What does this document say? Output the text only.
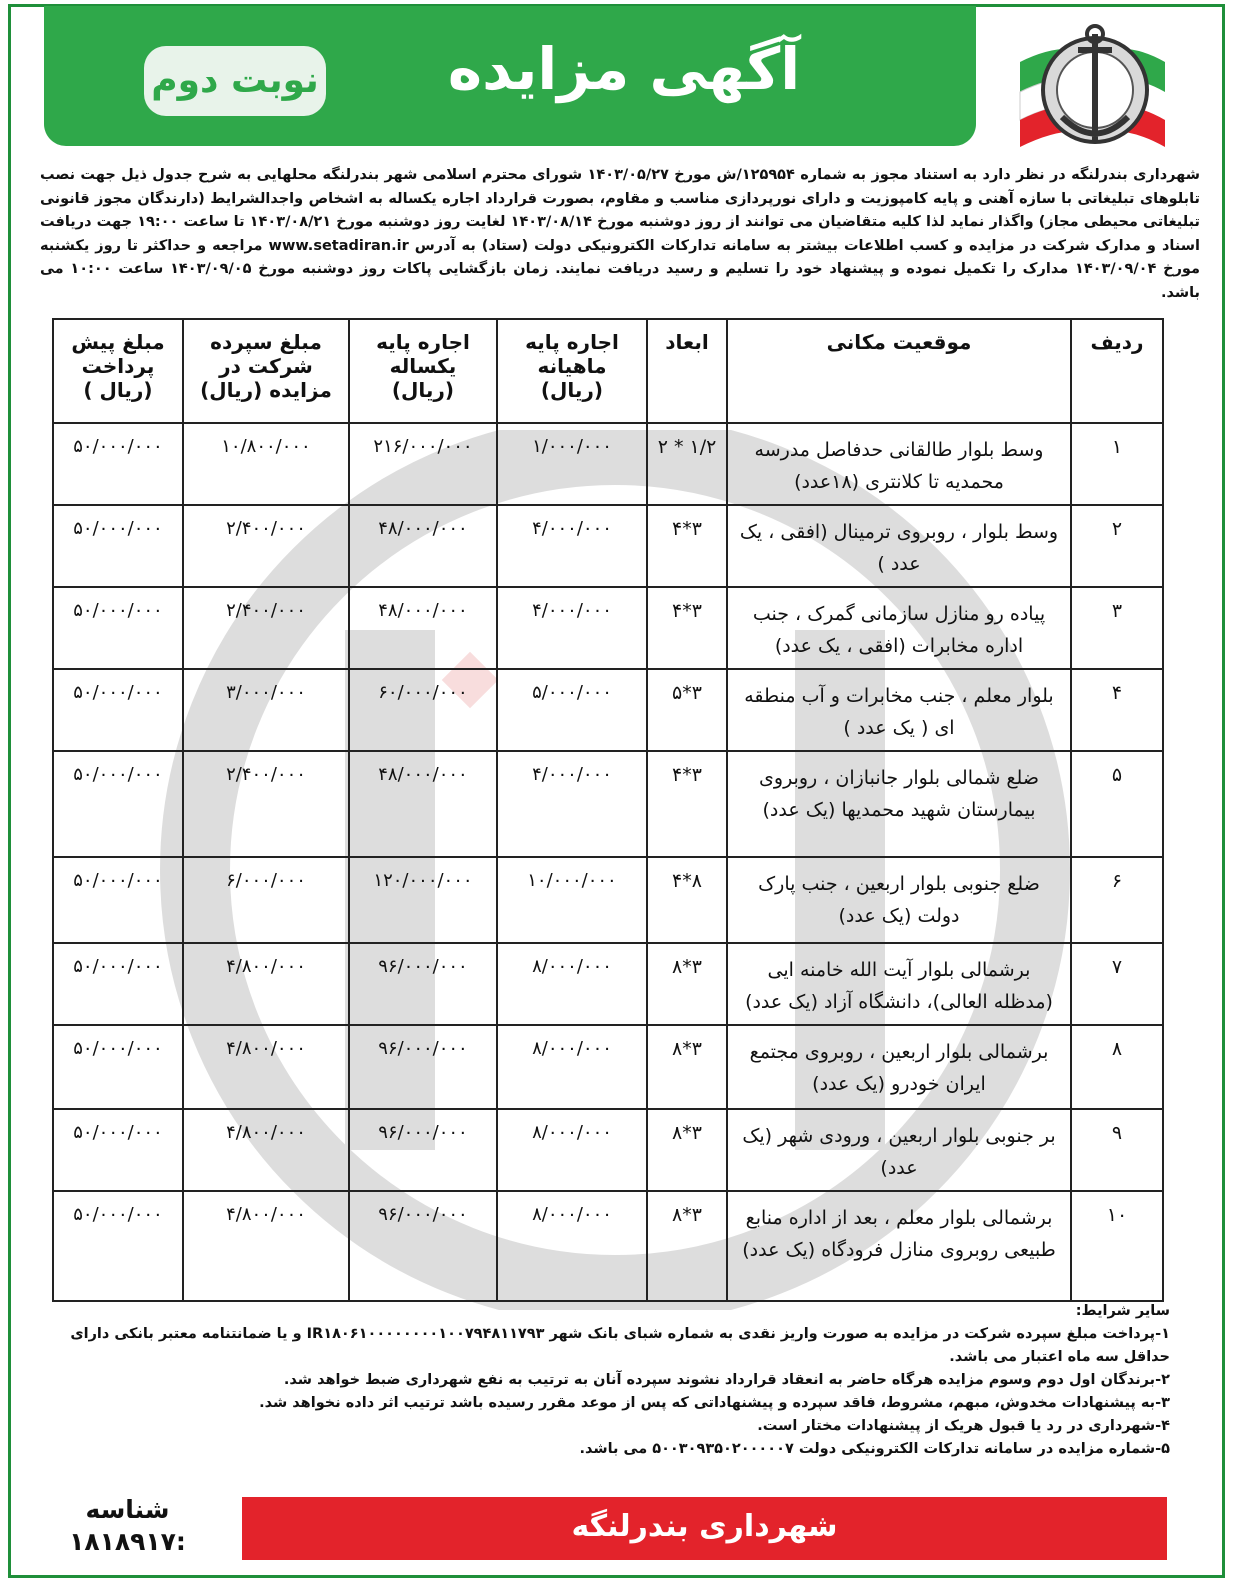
آگهی مزایده
نوبت دوم
شهرداری بندرلنگه در نظر دارد به استناد مجوز به شماره ۱۲۵۹۵۴/ش مورخ ۱۴۰۳/۰۵/۲۷ شورای محترم اسلامی شهر بندرلنگه محلهایی به شرح جدول ذیل جهت نصب تابلوهای تبلیغاتی با سازه آهنی و پایه کامپوزیت و دارای نورپردازی مناسب و مقاوم، بصورت قرارداد اجاره یکساله به اشخاص واجدالشرایط (دارندگان مجوز قانونی تبلیغاتی محیطی مجاز) واگذار نماید لذا کلیه متقاضیان می توانند از روز دوشنبه مورخ ۱۴۰۳/۰۸/۱۴ لغایت روز دوشنبه مورخ ۱۴۰۳/۰۸/۲۱ تا ساعت ۱۹:۰۰ جهت دریافت اسناد و مدارک شرکت در مزایده و کسب اطلاعات بیشتر به سامانه تدارکات الکترونیکی دولت (ستاد) به آدرس www.setadiran.ir مراجعه و حداکثر تا روز یکشنبه مورخ ۱۴۰۳/۰۹/۰۴ مدارک را تکمیل نموده و پیشنهاد خود را تسلیم و رسید دریافت نمایند. زمان بازگشایی پاکات روز دوشنبه مورخ ۱۴۰۳/۰۹/۰۵ ساعت ۱۰:۰۰ می باشد.
ردیف	موقعیت مکانی	ابعاد	اجاره پایه ماهیانه (ریال)	اجاره پایه یکساله (ریال)	مبلغ سپرده شرکت در مزایده (ریال)	مبلغ پیش پرداخت (ریال )
۱	وسط بلوار طالقانی حدفاصل مدرسه محمدیه تا کلانتری (۱۸عدد)	۱/۲ * ۲	۱/۰۰۰/۰۰۰	۲۱۶/۰۰۰/۰۰۰	۱۰/۸۰۰/۰۰۰	۵۰/۰۰۰/۰۰۰
۲	وسط بلوار ، روبروی ترمینال (افقی ، یک عدد )	۳*۴	۴/۰۰۰/۰۰۰	۴۸/۰۰۰/۰۰۰	۲/۴۰۰/۰۰۰	۵۰/۰۰۰/۰۰۰
۳	پیاده رو منازل سازمانی گمرک ، جنب اداره مخابرات (افقی ، یک عدد)	۳*۴	۴/۰۰۰/۰۰۰	۴۸/۰۰۰/۰۰۰	۲/۴۰۰/۰۰۰	۵۰/۰۰۰/۰۰۰
۴	بلوار معلم ، جنب مخابرات و آب منطقه ای ( یک عدد )	۳*۵	۵/۰۰۰/۰۰۰	۶۰/۰۰۰/۰۰۰	۳/۰۰۰/۰۰۰	۵۰/۰۰۰/۰۰۰
۵	ضلع شمالی بلوار جانبازان ، روبروی بیمارستان شهید محمدیها (یک عدد)	۳*۴	۴/۰۰۰/۰۰۰	۴۸/۰۰۰/۰۰۰	۲/۴۰۰/۰۰۰	۵۰/۰۰۰/۰۰۰
۶	ضلع جنوبی بلوار اربعین ، جنب پارک دولت (یک عدد)	۸*۴	۱۰/۰۰۰/۰۰۰	۱۲۰/۰۰۰/۰۰۰	۶/۰۰۰/۰۰۰	۵۰/۰۰۰/۰۰۰
۷	برشمالی بلوار آیت الله خامنه ایی (مدظله العالی)، دانشگاه آزاد (یک عدد)	۳*۸	۸/۰۰۰/۰۰۰	۹۶/۰۰۰/۰۰۰	۴/۸۰۰/۰۰۰	۵۰/۰۰۰/۰۰۰
۸	برشمالی بلوار اربعین ، روبروی مجتمع ایران خودرو (یک عدد)	۳*۸	۸/۰۰۰/۰۰۰	۹۶/۰۰۰/۰۰۰	۴/۸۰۰/۰۰۰	۵۰/۰۰۰/۰۰۰
۹	بر جنوبی بلوار اربعین ، ورودی شهر (یک عدد)	۳*۸	۸/۰۰۰/۰۰۰	۹۶/۰۰۰/۰۰۰	۴/۸۰۰/۰۰۰	۵۰/۰۰۰/۰۰۰
۱۰	برشمالی بلوار معلم ، بعد از اداره منابع طبیعی روبروی منازل فرودگاه (یک عدد)	۳*۸	۸/۰۰۰/۰۰۰	۹۶/۰۰۰/۰۰۰	۴/۸۰۰/۰۰۰	۵۰/۰۰۰/۰۰۰
سایر شرایط:
۱-پرداخت مبلغ سپرده شرکت در مزایده به صورت واریز نقدی به شماره شبای بانک شهر IR۱۸۰۶۱۰۰۰۰۰۰۰۰۱۰۰۷۹۴۸۱۱۷۹۳ و یا ضمانتنامه معتبر بانکی دارای حداقل سه ماه اعتبار می باشد.
۲-برندگان اول دوم وسوم مزایده هرگاه حاضر به انعقاد قرارداد نشوند سپرده آنان به ترتیب به نفع شهرداری ضبط خواهد شد.
۳-به پیشنهادات مخدوش، مبهم، مشروط، فاقد سپرده و پیشنهاداتی که پس از موعد مقرر رسیده باشد ترتیب اثر داده نخواهد شد.
۴-شهرداری در رد یا قبول هریک از پیشنهادات مختار است.
۵-شماره مزایده در سامانه تدارکات الکترونیکی دولت ۵۰۰۳۰۹۳۵۰۲۰۰۰۰۰۷ می باشد.
شهرداری بندرلنگه
شناسه :۱۸۱۸۹۱۷
